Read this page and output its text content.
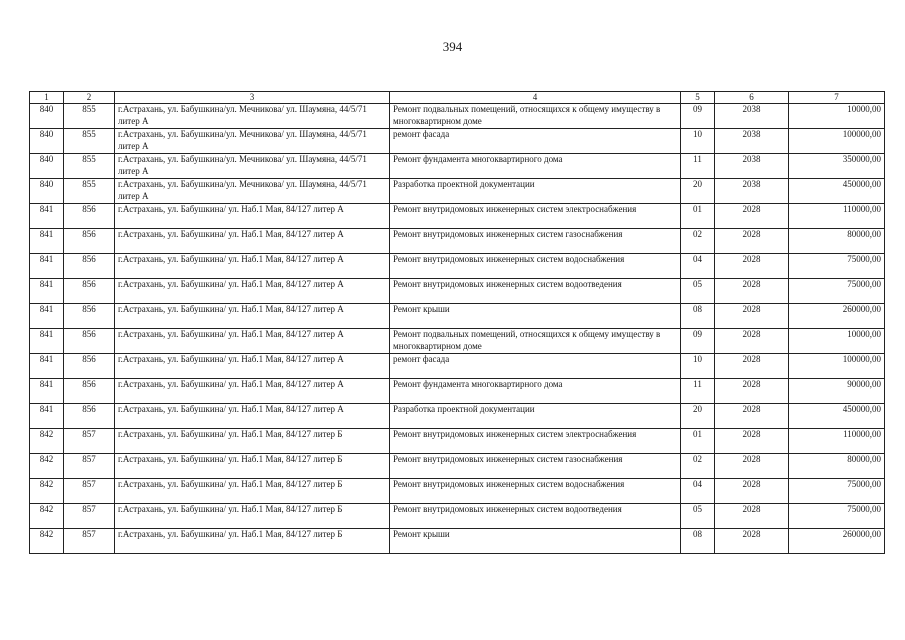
394
1	2	3	4	5	6	7
840	855	г.Астрахань, ул. Бабушкина/ул. Мечникова/ ул. Шаумяна, 44/5/71 литер А	Ремонт подвальных помещений, относящихся к общему имуществу в многоквартирном доме	09	2038	10000,00
840	855	г.Астрахань, ул. Бабушкина/ул. Мечникова/ ул. Шаумяна, 44/5/71 литер А	ремонт фасада	10	2038	100000,00
840	855	г.Астрахань, ул. Бабушкина/ул. Мечникова/ ул. Шаумяна, 44/5/71 литер А	Ремонт фундамента многоквартирного дома	11	2038	350000,00
840	855	г.Астрахань, ул. Бабушкина/ул. Мечникова/ ул. Шаумяна, 44/5/71 литер А	Разработка проектной документации	20	2038	450000,00
841	856	г.Астрахань, ул. Бабушкина/ ул. Наб.1 Мая, 84/127 литер А	Ремонт внутридомовых инженерных систем электроснабжения	01	2028	110000,00
841	856	г.Астрахань, ул. Бабушкина/ ул. Наб.1 Мая, 84/127 литер А	Ремонт внутридомовых инженерных систем газоснабжения	02	2028	80000,00
841	856	г.Астрахань, ул. Бабушкина/ ул. Наб.1 Мая, 84/127 литер А	Ремонт внутридомовых инженерных систем водоснабжения	04	2028	75000,00
841	856	г.Астрахань, ул. Бабушкина/ ул. Наб.1 Мая, 84/127 литер А	Ремонт внутридомовых инженерных систем водоотведения	05	2028	75000,00
841	856	г.Астрахань, ул. Бабушкина/ ул. Наб.1 Мая, 84/127 литер А	Ремонт крыши	08	2028	260000,00
841	856	г.Астрахань, ул. Бабушкина/ ул. Наб.1 Мая, 84/127 литер А	Ремонт подвальных помещений, относящихся к общему имуществу в многоквартирном доме	09	2028	10000,00
841	856	г.Астрахань, ул. Бабушкина/ ул. Наб.1 Мая, 84/127 литер А	ремонт фасада	10	2028	100000,00
841	856	г.Астрахань, ул. Бабушкина/ ул. Наб.1 Мая, 84/127 литер А	Ремонт фундамента многоквартирного дома	11	2028	90000,00
841	856	г.Астрахань, ул. Бабушкина/ ул. Наб.1 Мая, 84/127 литер А	Разработка проектной документации	20	2028	450000,00
842	857	г.Астрахань, ул. Бабушкина/ ул. Наб.1 Мая, 84/127 литер Б	Ремонт внутридомовых инженерных систем электроснабжения	01	2028	110000,00
842	857	г.Астрахань, ул. Бабушкина/ ул. Наб.1 Мая, 84/127 литер Б	Ремонт внутридомовых инженерных систем газоснабжения	02	2028	80000,00
842	857	г.Астрахань, ул. Бабушкина/ ул. Наб.1 Мая, 84/127 литер Б	Ремонт внутридомовых инженерных систем водоснабжения	04	2028	75000,00
842	857	г.Астрахань, ул. Бабушкина/ ул. Наб.1 Мая, 84/127 литер Б	Ремонт внутридомовых инженерных систем водоотведения	05	2028	75000,00
842	857	г.Астрахань, ул. Бабушкина/ ул. Наб.1 Мая, 84/127 литер Б	Ремонт крыши	08	2028	260000,00
